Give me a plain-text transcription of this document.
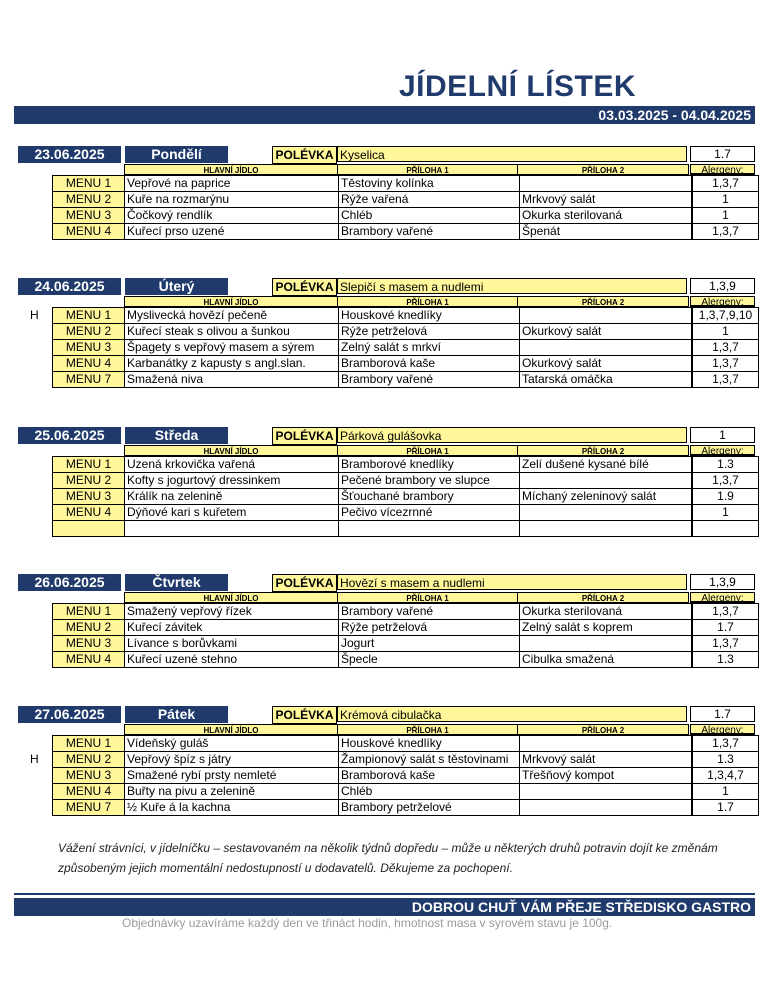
JÍDELNÍ LÍSTEK
03.03.2025 - 04.04.2025
23.06.2025	Pondělí	POLÉVKA Kyselica	1.7
HLAVNÍ JÍDLO	PŘÍLOHA 1	PŘÍLOHA 2	Alergeny:
MENU 1	Vepřové na paprice	Těstoviny kolínka			1,3,7
MENU 2	Kuře na rozmarýnu	Rýže vařená	Mrkvový salát		1
MENU 3	Čočkový rendlík	Chléb	Okurka sterilovaná		1
MENU 4	Kuřecí prso uzené	Brambory vařené	Špenát		1,3,7
24.06.2025	Úterý	POLÉVKA Slepičí s masem a nudlemi	1,3,9
HLAVNÍ JÍDLO	PŘÍLOHA 1	PŘÍLOHA 2	Alergeny:
H MENU 1	Myslivecká hovězí pečeně	Houskové knedlíky			1,3,7,9,10
MENU 2	Kuřecí steak s olivou a šunkou	Rýže petrželová	Okurkový salát		1
MENU 3	Špagety s vepřový masem a sýrem	Zelný salát s mrkví			1,3,7
MENU 4	Karbanátky z kapusty s angl.slan.	Bramborová kaše	Okurkový salát		1,3,7
MENU 7	Smažená niva	Brambory vařené	Tatarská omáčka		1,3,7
25.06.2025	Středa	POLÉVKA Párková gulášovka	1
HLAVNÍ JÍDLO	PŘÍLOHA 1	PŘÍLOHA 2	Alergeny:
MENU 1	Uzená krkovička vařená	Bramborové knedlíky	Zelí dušené kysané bílé		1.3
MENU 2	Kofty s jogurtový dressinkem	Pečené brambory ve slupce			1,3,7
MENU 3	Králík na zelenině	Šťouchané brambory	Míchaný zeleninový salát		1.9
MENU 4	Dýňové kari s kuřetem	Pečivo vícezrnné			1

26.06.2025	Čtvrtek	POLÉVKA Hovězí s masem a nudlemi	1,3,9
HLAVNÍ JÍDLO	PŘÍLOHA 1	PŘÍLOHA 2	Alergeny:
MENU 1	Smažený vepřový řízek	Brambory vařené	Okurka sterilovaná		1,3,7
MENU 2	Kuřecí závitek	Rýže petrželová	Zelný salát s koprem		1.7
MENU 3	Lívance s borůvkami	Jogurt			1,3,7
MENU 4	Kuřecí uzené stehno	Špecle	Cibulka smažená		1.3
27.06.2025	Pátek	POLÉVKA Krémová cibulačka	1.7
HLAVNÍ JÍDLO	PŘÍLOHA 1	PŘÍLOHA 2	Alergeny:
H
MENU 1	Vídeňský guláš	Houskové knedlíky			1,3,7
MENU 2	Vepřový špíz s játry	Žampionový salát s těstovinami	Mrkvový salát		1.3
MENU 3	Smažené rybí prsty nemleté	Bramborová kaše	Třešňový kompot		1,3,4,7
MENU 4	Buřty na pivu a zelenině	Chléb			1
MENU 7	½ Kuře á la kachna	Brambory petrželové			1.7
Vážení strávníci, v jídelníčku – sestavovaném na několik týdnů dopředu – může u některých druhů potravin dojít ke změnám způsobeným jejich momentální nedostupností u dodavatelů. Děkujeme za pochopení.
DOBROU CHUŤ VÁM PŘEJE STŘEDISKO GASTRO
Objednávky uzavíráme každý den ve třináct hodin, hmotnost masa v syrovém stavu je 100g.
